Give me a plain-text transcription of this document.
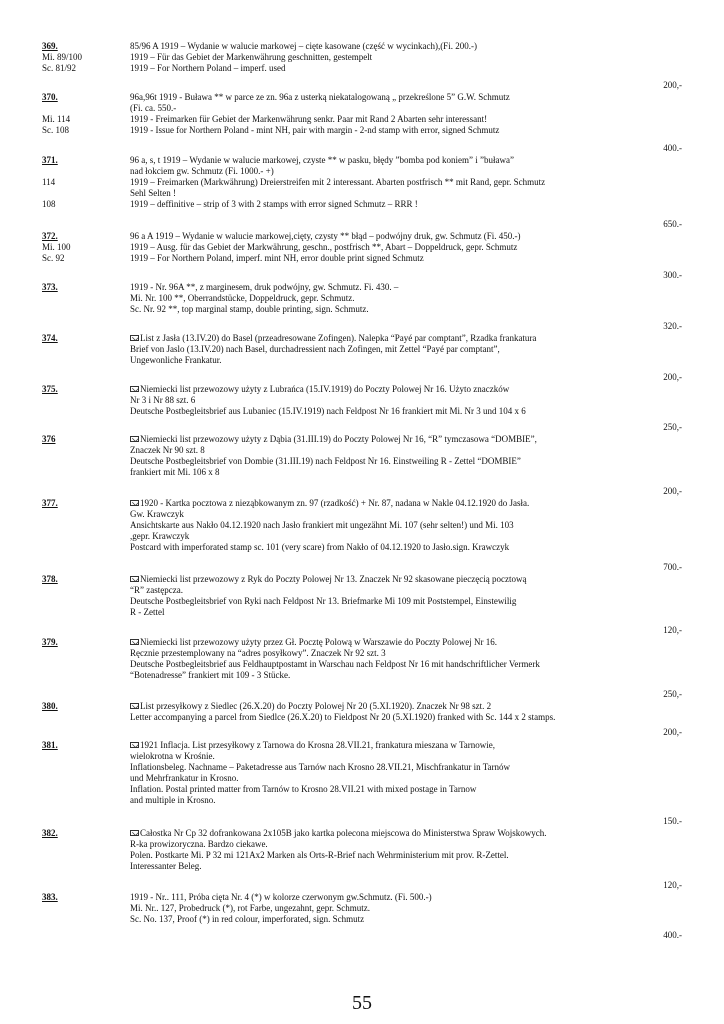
369.	85/96 A 1919 – Wydanie w walucie markowej – cięte kasowane (część w wycinkach),(Fi. 200.-)
Mi. 89/100	1919 – Für das Gebiet der Markenwährung geschnitten, gestempelt
Sc. 81/92	1919 – For Northern Poland – imperf. used
200,-
370.	96a,96t 1919 - Buława ** w parce ze zn. 96a z usterką niekatalogowaną „ przekreślone 5” G.W. Schmutz
(Fi. ca. 550.-
Mi. 114	1919 - Freimarken für Gebiet der Markenwährung senkr. Paar mit Rand 2 Abarten sehr interessant!
Sc. 108	1919 - Issue for Northern Poland - mint NH, pair with margin - 2-nd stamp with error, signed Schmutz
400.-
371.	96 a, s, t 1919 – Wydanie w walucie markowej, czyste ** w pasku, błędy ”bomba pod koniem” i ”buława”
nad łokciem gw. Schmutz (Fi. 1000.- +)
114	1919 – Freimarken (Markwährung) Dreierstreifen mit 2 interessant. Abarten postfrisch ** mit Rand, gepr. Schmutz
Sehl Selten !
108	1919 – deffinitive – strip of 3 with 2 stamps with error signed Schmutz – RRR !
650.-
372.	96 a A 1919 – Wydanie w walucie markowej,cięty, czysty ** błąd – podwójny druk, gw. Schmutz (Fi. 450.-)
Mi. 100	1919 – Ausg. für das Gebiet der Markwährung, geschn., postfrisch **, Abart – Doppeldruck, gepr. Schmutz
Sc. 92	1919 – For Northern Poland, imperf. mint NH, error double print signed Schmutz
300.-
373.	1919 - Nr. 96A **, z marginesem, druk podwójny, gw. Schmutz. Fi. 430. –
Mi. Nr. 100 **, Oberrandstücke, Doppeldruck, gepr. Schmutz.
Sc. Nr. 92 **, top marginal stamp, double printing, sign. Schmutz.
320.-
374.	List z Jasła (13.IV.20) do Basel (przeadresowane Zofingen). Nalepka “Payé par comptant”, Rzadka frankatura
Brief von Jaslo (13.IV.20) nach Basel, durchadressient nach Zofingen, mit Zettel “Payé par comptant”,
Ungewonliche Frankatur.
200,-
375.	Niemiecki list przewozowy użyty z Lubrańca (15.IV.1919) do Poczty Polowej Nr 16. Użyto znaczków
Nr 3 i Nr 88 szt. 6
Deutsche Postbegleitsbrief aus Lubaniec (15.IV.1919) nach Feldpost Nr 16 frankiert mit Mi. Nr 3 und 104 x 6
250,-
376	Niemiecki list przewozowy użyty z Dąbia (31.III.19) do Poczty Polowej Nr 16, “R” tymczasowa “DOMBIE”,
Znaczek Nr 90 szt. 8
Deutsche Postbegleitsbrief von Dombie (31.III.19) nach Feldpost Nr 16. Einstweiling R - Zettel “DOMBIE”
frankiert mit Mi. 106 x 8
200,-
377.	1920 - Kartka pocztowa z nieząbkowanym zn. 97 (rzadkość) + Nr. 87, nadana w Nakle 04.12.1920 do Jasła.
Gw. Krawczyk
Ansichtskarte aus Nakło 04.12.1920 nach Jasło frankiert mit ungezähnt Mi. 107 (sehr selten!) und Mi. 103
,gepr. Krawczyk
Postcard with imperforated stamp sc. 101 (very scare) from Nakło of 04.12.1920 to Jasło.sign. Krawczyk
700.-
378.	Niemiecki list przewozowy z Ryk do Poczty Polowej Nr 13. Znaczek Nr 92 skasowane pieczęcią pocztową
“R” zastępcza.
Deutsche Postbegleitsbrief von Ryki nach Feldpost Nr 13. Briefmarke Mi 109 mit Poststempel, Einstewilig
R - Zettel
120,-
379.	Niemiecki list przewozowy użyty przez Gł. Pocztę Polową w Warszawie do Poczty Polowej Nr 16.
Ręcznie przestemplowany na “adres posyłkowy”. Znaczek Nr 92 szt. 3
Deutsche Postbegleitsbrief aus Feldhauptpostamt in Warschau nach Feldpost Nr 16 mit handschriftlicher Vermerk
“Botenadresse” frankiert mit 109 - 3 Stücke.
250,-
380.	List przesyłkowy z Siedlec (26.X.20) do Poczty Polowej Nr 20 (5.XI.1920). Znaczek Nr 98 szt. 2
Letter accompanying a parcel from Siedlce (26.X.20) to Fieldpost Nr 20 (5.XI.1920) franked with Sc. 144 x 2 stamps.
200,-
381.	1921 Inflacja. List przesyłkowy z Tarnowa do Krosna 28.VII.21, frankatura mieszana w Tarnowie,
wielokrotna w Krośnie.
Inflationsbeleg. Nachname – Paketadresse aus Tarnów nach Krosno 28.VII.21, Mischfrankatur in Tarnów
und Mehrfrankatur in Krosno.
Inflation. Postal printed matter from Tarnów to Krosno 28.VII.21 with mixed postage in Tarnow
and multiple in Krosno.
150.-
382.	Całostka Nr Cp 32 dofrankowana 2x105B jako kartka polecona miejscowa do Ministerstwa Spraw Wojskowych.
R-ka prowizoryczna. Bardzo ciekawe.
Polen. Postkarte Mi. P 32 mi 121Ax2 Marken als Orts-R-Brief nach Wehrministerium mit prov. R-Zettel.
Interessanter Beleg.
120,-
383.	1919 - Nr.. 111, Próba cięta Nr. 4 (*) w kolorze czerwonym gw.Schmutz. (Fi. 500.-)
Mi. Nr.. 127, Probedruck (*), rot Farbe, ungezahnt, gepr. Schmutz.
Sc. No. 137, Proof (*) in red colour, imperforated, sign. Schmutz
400.-
55
